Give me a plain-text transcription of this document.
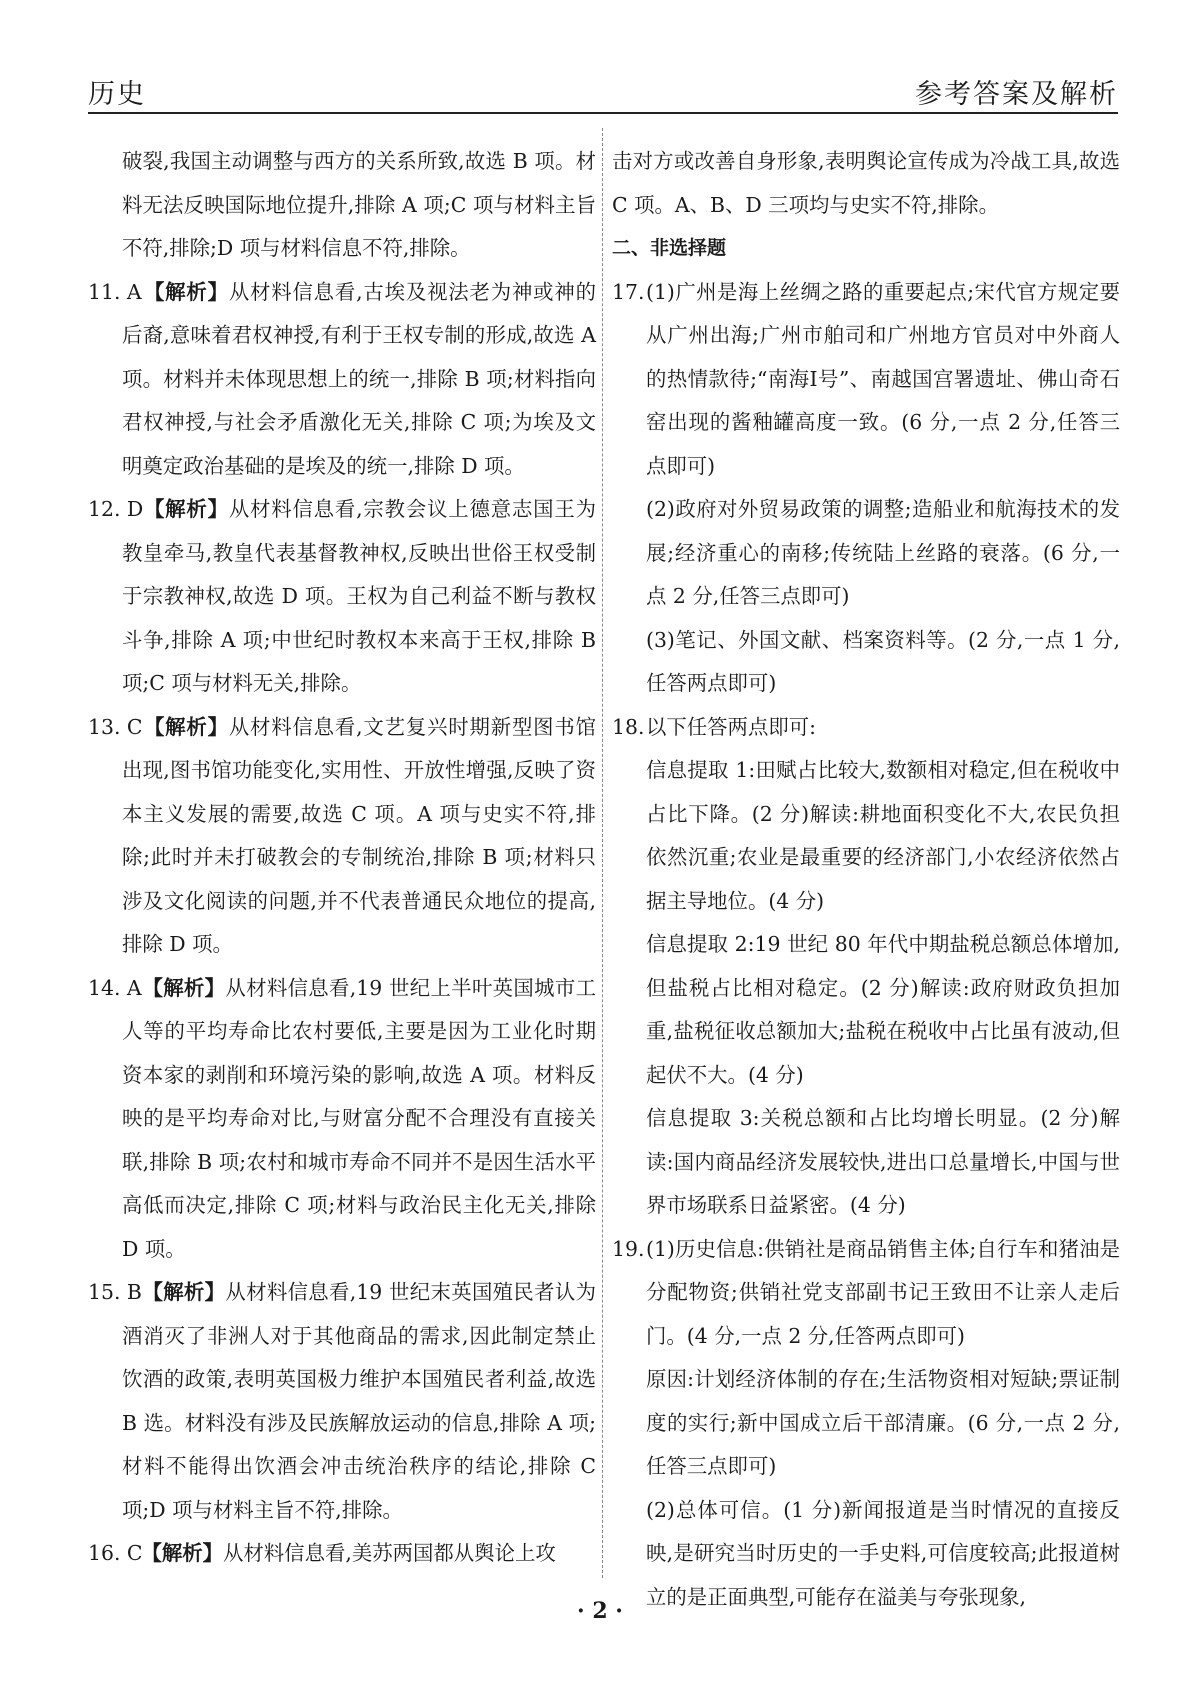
历史	参考答案及解析

破裂,我国主动调整与西方的关系所致,故选 B 项。材料无法反映国际地位提升,排除 A 项;C 项与材料主旨不符,排除;D 项与材料信息不符,排除。

11. A 【解析】从材料信息看,古埃及视法老为神或神的后裔,意味着君权神授,有利于王权专制的形成,故选 A 项。材料并未体现思想上的统一,排除 B 项;材料指向君权神授,与社会矛盾激化无关,排除 C 项;为埃及文明奠定政治基础的是埃及的统一,排除 D 项。
12. D 【解析】从材料信息看,宗教会议上德意志国王为教皇牵马,教皇代表基督教神权,反映出世俗王权受制于宗教神权,故选 D 项。王权为自己利益不断与教权斗争,排除 A 项;中世纪时教权本来高于王权,排除 B 项;C 项与材料无关,排除。
13. C 【解析】从材料信息看,文艺复兴时期新型图书馆出现,图书馆功能变化,实用性、开放性增强,反映了资本主义发展的需要,故选 C 项。A 项与史实不符,排除;此时并未打破教会的专制统治,排除 B 项;材料只涉及文化阅读的问题,并不代表普通民众地位的提高,排除 D 项。
14. A 【解析】从材料信息看,19 世纪上半叶英国城市工人等的平均寿命比农村要低,主要是因为工业化时期资本家的剥削和环境污染的影响,故选 A 项。材料反映的是平均寿命对比,与财富分配不合理没有直接关联,排除 B 项;农村和城市寿命不同并不是因生活水平高低而决定,排除 C 项;材料与政治民主化无关,排除 D 项。
15. B 【解析】从材料信息看,19 世纪末英国殖民者认为酒消灭了非洲人对于其他商品的需求,因此制定禁止饮酒的政策,表明英国极力维护本国殖民者利益,故选 B 选。材料没有涉及民族解放运动的信息,排除 A 项;材料不能得出饮酒会冲击统治秩序的结论,排除 C 项;D 项与材料主旨不符,排除。
16. C
【解析】从材料信息看,美苏两国都从舆论上攻

击对方或改善自身形象,表明舆论宣传成为冷战工具,故选 C 项。A、B、D 三项均与史实不符,排除。

二、非选择题

17. (1)广州是海上丝绸之路的重要起点;宋代官方规定要从广州出海;广州市舶司和广州地方官员对中外商人的热情款待;“南海Ⅰ号”、南越国宫署遗址、佛山奇石窑出现的酱釉罐高度一致。(6 分,一点 2 分,任答三点即可)

(2)政府对外贸易政策的调整;造船业和航海技术的发展;经济重心的南移;传统陆上丝路的衰落。(6 分,一点 2 分,任答三点即可)

(3)笔记、外国文献、档案资料等。(2 分,一点 1 分,任答两点即可)

18. 以下任答两点即可:

信息提取 1:田赋占比较大,数额相对稳定,但在税收中占比下降。(2 分)解读:耕地面积变化不大,农民负担依然沉重;农业是最重要的经济部门,小农经济依然占据主导地位。(4 分)

信息提取 2:19 世纪 80 年代中期盐税总额总体增加,但盐税占比相对稳定。(2 分)解读:政府财政负担加重,盐税征收总额加大;盐税在税收中占比虽有波动,但起伏不大。(4 分)

信息提取 3:关税总额和占比均增长明显。(2 分)解读:国内商品经济发展较快,进出口总量增长,中国与世界市场联系日益紧密。(4 分)

19. (1)历史信息:供销社是商品销售主体;自行车和猪油是分配物资;供销社党支部副书记王致田不让亲人走后门。(4 分,一点 2 分,任答两点即可)

原因:计划经济体制的存在;生活物资相对短缺;票证制度的实行;新中国成立后干部清廉。(6 分,一点 2 分,任答三点即可)

(2)总体可信。(1 分)新闻报道是当时情况的直接反映,是研究当时历史的一手史料,可信度较高;此报道树立的是正面典型,可能存在溢美与夸张现象,

· 2 ·
